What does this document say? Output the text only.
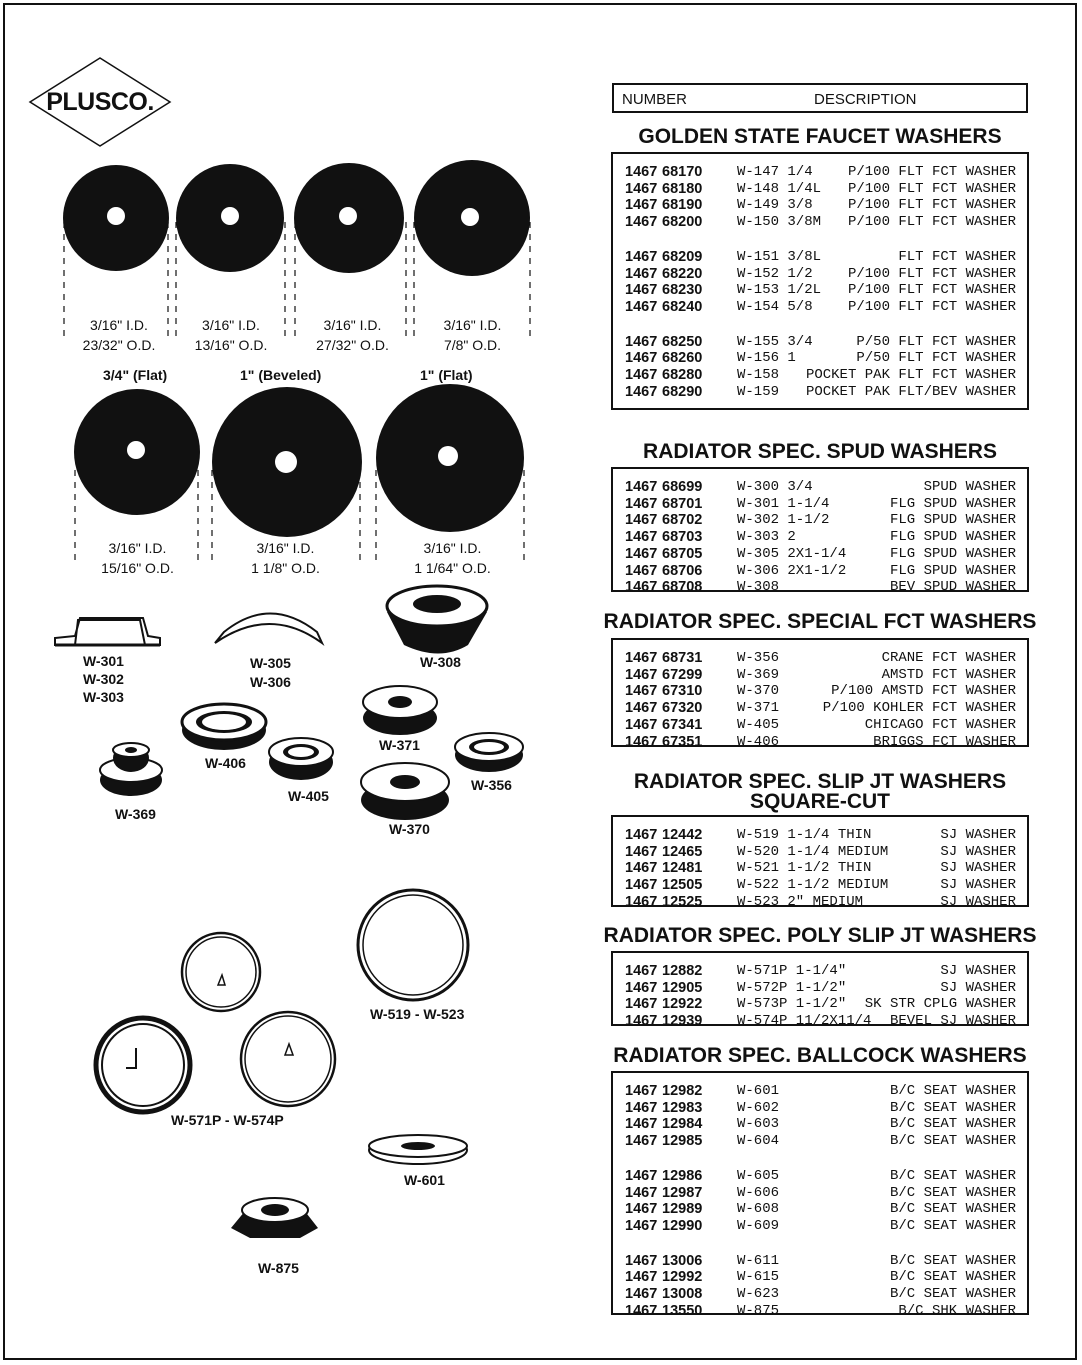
PLUSCO.
3/16" I.D.
23/32" O.D.
3/16" I.D.
13/16" O.D.
3/16" I.D.
27/32" O.D.
3/16" I.D.
7/8" O.D.
3/4" (Flat)	1" (Beveled)	1" (Flat)
3/16" I.D.
15/16" O.D.
3/16" I.D.
1 1/8" O.D.
3/16" I.D.
1 1/64" O.D.
W-301
W-302
W-303
W-305
W-306
W-308
W-406
W-371
W-369
W-405
W-356
W-370
W-519 - W-523
W-571P - W-574P
W-601
W-875
NUMBER	DESCRIPTION
GOLDEN STATE FAUCET WASHERS
1467 68170 W-147 1/4	P/100 FLT FCT WASHER
1467 68180 W-148 1/4L P/100 FLT FCT WASHER
1467 68190 W-149 3/8	P/100 FLT FCT WASHER
1467 68200 W-150 3/8M P/100 FLT FCT WASHER
1467 68209 W-151 3/8L	FLT FCT WASHER
1467 68220 W-152 1/2	P/100 FLT FCT WASHER
1467 68230 W-153 1/2L P/100 FLT FCT WASHER
1467 68240 W-154 5/8	P/100 FLT FCT WASHER
1467 68250 W-155 3/4	P/50 FLT FCT WASHER
1467 68260 W-156 1	P/50 FLT FCT WASHER
1467 68280 W-158 POCKET PAK FLT FCT WASHER
1467 68290 W-159 POCKET PAK FLT/BEV WASHER
RADIATOR SPEC. SPUD WASHERS
1467 68699 W-300 3/4	SPUD WASHER
1467 68701 W-301 1-1/4	FLG SPUD WASHER
1467 68702 W-302 1-1/2	FLG SPUD WASHER
1467 68703 W-303 2	FLG SPUD WASHER
1467 68705 W-305 2X1-1/4	FLG SPUD WASHER
1467 68706 W-306 2X1-1/2	FLG SPUD WASHER
1467 68708 W-308	BEV SPUD WASHER
RADIATOR SPEC. SPECIAL FCT WASHERS
1467 68731 W-356	CRANE FCT WASHER
1467 67299 W-369	AMSTD FCT WASHER
1467 67310 W-370	P/100 AMSTD FCT WASHER
1467 67320 W-371	P/100 KOHLER FCT WASHER
1467 67341 W-405	CHICAGO FCT WASHER
1467 67351 W-406	BRIGGS FCT WASHER
RADIATOR SPEC. SLIP JT WASHERS
SQUARE-CUT
1467 12442 W-519 1-1/4 THIN	SJ WASHER
1467 12465 W-520 1-1/4 MEDIUM	SJ WASHER
1467 12481 W-521 1-1/2 THIN	SJ WASHER
1467 12505 W-522 1-1/2 MEDIUM	SJ WASHER
1467 12525 W-523 2" MEDIUM	SJ WASHER
RADIATOR SPEC. POLY SLIP JT WASHERS
1467 12882 W-571P 1-1/4"	SJ WASHER
1467 12905 W-572P 1-1/2"	SJ WASHER
1467 12922 W-573P 1-1/2" SK STR CPLG WASHER
1467 12939 W-574P 11/2X11/4 BEVEL SJ WASHER
RADIATOR SPEC. BALLCOCK WASHERS
1467 12982 W-601	B/C SEAT WASHER
1467 12983 W-602	B/C SEAT WASHER
1467 12984 W-603	B/C SEAT WASHER
1467 12985 W-604	B/C SEAT WASHER
1467 12986 W-605	B/C SEAT WASHER
1467 12987 W-606	B/C SEAT WASHER
1467 12989 W-608	B/C SEAT WASHER
1467 12990 W-609	B/C SEAT WASHER
1467 13006 W-611	B/C SEAT WASHER
1467 12992 W-615	B/C SEAT WASHER
1467 13008 W-623	B/C SEAT WASHER
1467 13550 W-875	B/C SHK WASHER
